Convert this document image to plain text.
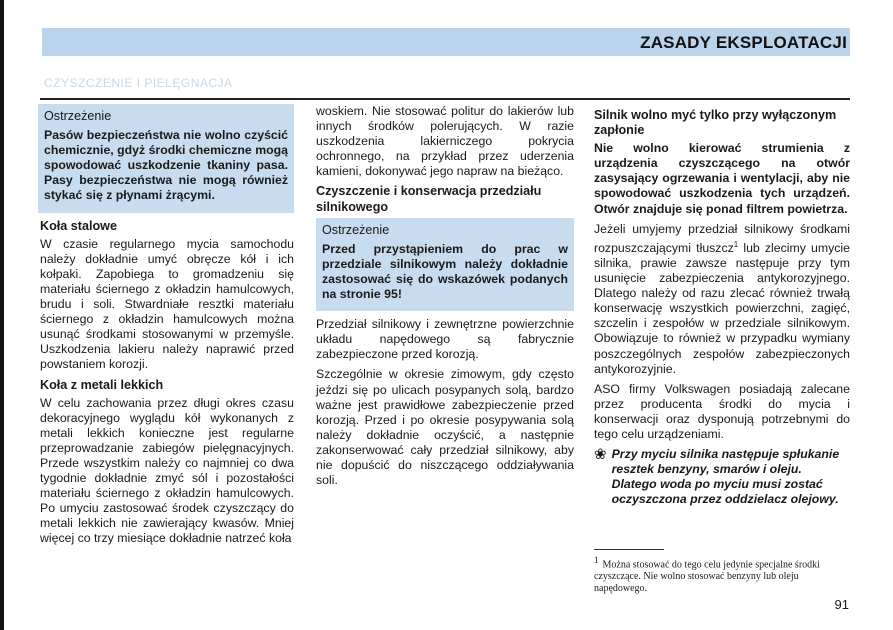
ZASADY EKSPLOATACJI
CZYSZCZENIE I PIELĘGNACJA
Ostrzeżenie

Pasów bezpieczeństwa nie wolno czyścić chemicznie, gdyż środki chemiczne mogą spowodować uszkodzenie tkaniny pasa. Pasy bezpieczeństwa nie mogą również stykać się z płynami żrącymi.

Koła stalowe

W czasie regularnego mycia samochodu należy dokładnie umyć obręcze kół i ich kołpaki. Zapobiega to gromadzeniu się materiału ściernego z okładzin hamulcowych, brudu i soli. Stwardniałe resztki materiału ściernego z okładzin hamulcowych można usunąć środkami stosowanymi w przemyśle. Uszkodzenia lakieru należy naprawić przed powstaniem korozji.

Koła z metali lekkich

W celu zachowania przez długi okres czasu dekoracyjnego wyglądu kół wykonanych z metali lekkich konieczne jest regularne przeprowadzanie zabiegów pielęgnacyjnych. Przede wszystkim należy co najmniej co dwa tygodnie dokładnie zmyć sól i pozostałości materiału ściernego z okładzin hamulcowych. Po umyciu zastosować środek czyszczący do metali lekkich nie zawierający kwasów. Mniej więcej co trzy miesiące dokładnie natrzeć koła

woskiem. Nie stosować politur do lakierów lub innych środków polerujących. W razie uszkodzenia lakierniczego pokrycia ochronnego, na przykład przez uderzenia kamieni, dokonywać jego napraw na bieżąco.

Czyszczenie i konserwacja przedziału silnikowego
Ostrzeżenie

Przed przystąpieniem do prac w przedziale silnikowym należy dokładnie zastosować się do wskazówek podanych na stronie 95!

Przedział silnikowy i zewnętrzne powierzchnie układu napędowego są fabrycznie zabezpieczone przed korozją.

Szczególnie w okresie zimowym, gdy często jeździ się po ulicach posypanych solą, bardzo ważne jest prawidłowe zabezpieczenie przed korozją. Przed i po okresie posypywania solą należy dokładnie oczyścić, a następnie zakonserwować cały przedział silnikowy, aby nie dopuścić do niszczącego oddziaływania soli.

Silnik wolno myć tylko przy wyłączonym zapłonie

Nie wolno kierować strumienia z urządzenia czyszczącego na otwór zasysający ogrzewania i wentylacji, aby nie spowodować uszkodzenia tych urządzeń. Otwór znajduje się ponad filtrem powietrza.

Jeżeli umyjemy przedział silnikowy środkami rozpuszczającymi tłuszcz$^1$ lub zlecimy umycie silnika, prawie zawsze następuje przy tym usunięcie zabezpieczenia antykorozyjnego. Dlatego należy od razu zlecać również trwałą konserwację wszystkich powierzchni, zagięć, szczelin i zespołów w przedziale silnikowym. Obowiązuje to również w przypadku wymiany poszczególnych zespołów zabezpieczonych antykorozyjnie.

ASO firmy Volkswagen posiadają zalecane przez producenta środki do mycia i konserwacji oraz dysponują potrzebnymi do tego celu urządzeniami.

❀ Przy myciu silnika następuje spłukanie resztek benzyny, smarów i oleju. Dlatego woda po myciu musi zostać oczyszczona przez oddzielacz olejowy.
$^1$ Można stosować do tego celu jedynie specjalne środki czyszczące. Nie wolno stosować benzyny lub oleju napędowego.
91
